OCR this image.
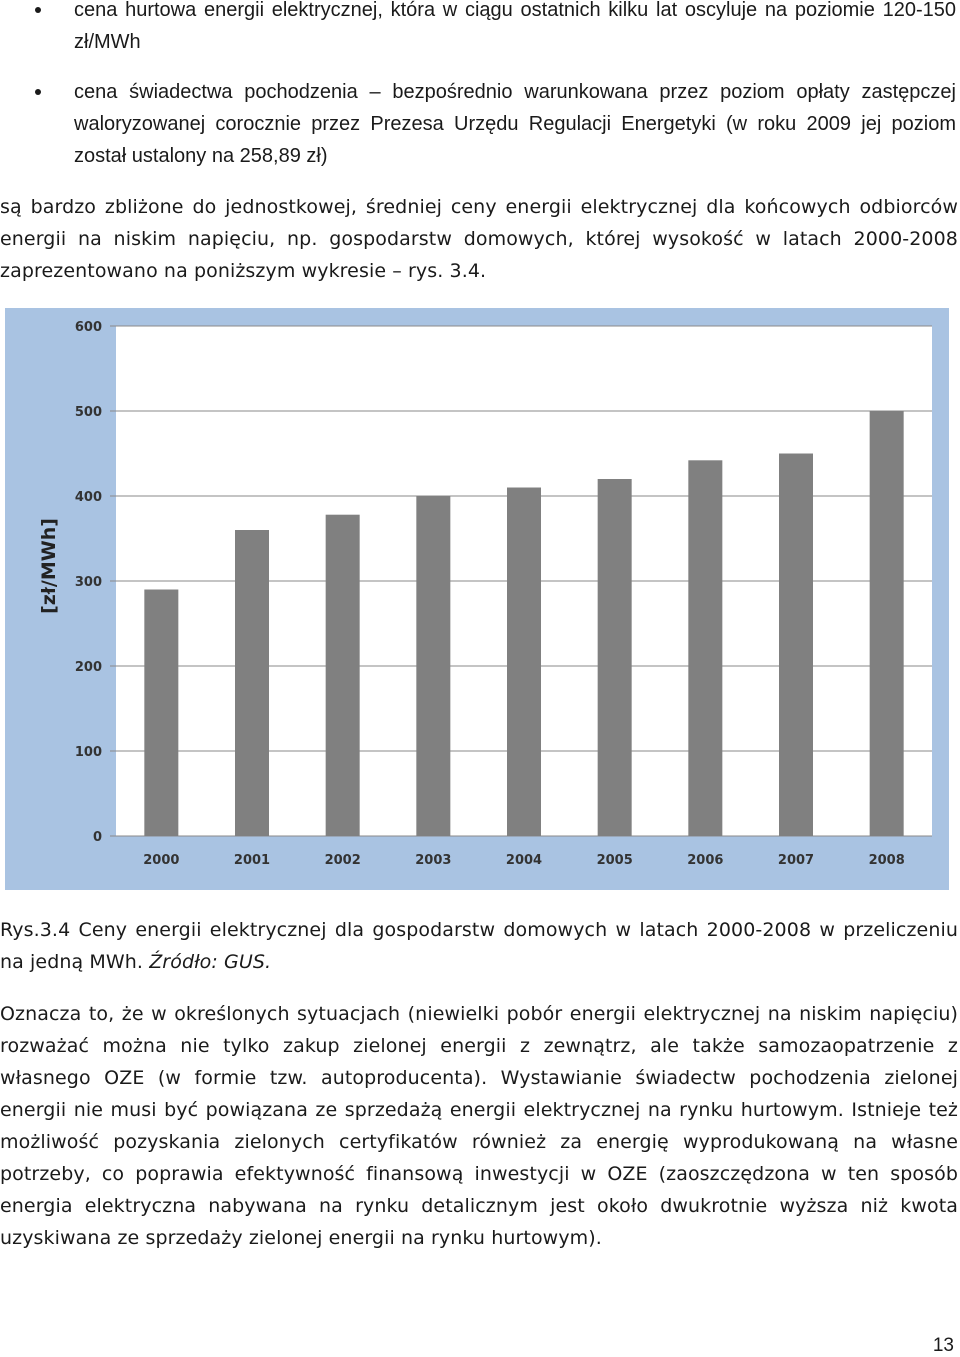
cena hurtowa energii elektrycznej, która w ciągu ostatnich kilku lat oscyluje na poziomie 120-150 zł/MWh
cena świadectwa pochodzenia – bezpośrednio warunkowana przez poziom opłaty zastępczej waloryzowanej corocznie przez Prezesa Urzędu Regulacji Energetyki (w roku 2009 jej poziom został ustalony na 258,89 zł)

są bardzo zbliżone do jednostkowej, średniej ceny energii elektrycznej dla końcowych odbiorców energii na niskim napięciu, np. gospodarstw domowych, której wysokość w latach 2000-2008 zaprezentowano na poniższym wykresie – rys. 3.4.

0
100
200
300
400
500
600
2000	2001	2002	2003	2004	2005	2006	2007	2008
[zł/MWh]

Rys.3.4 Ceny energii elektrycznej dla gospodarstw domowych w latach 2000-2008 w przeliczeniu na jedną MWh. Źródło: GUS.

Oznacza to, że w określonych sytuacjach (niewielki pobór energii elektrycznej na niskim napięciu) rozważać można nie tylko zakup zielonej energii z zewnątrz, ale także samozaopatrzenie z własnego OZE (w formie tzw. autoproducenta). Wystawianie świadectw pochodzenia zielonej energii nie musi być powiązana ze sprzedażą energii elektrycznej na rynku hurtowym. Istnieje też możliwość pozyskania zielonych certyfikatów również za energię wyprodukowaną na własne potrzeby, co poprawia efektywność finansową inwestycji w OZE (zaoszczędzona w ten sposób energia elektryczna nabywana na rynku detalicznym jest około dwukrotnie wyższa niż kwota uzyskiwana ze sprzedaży zielonej energii na rynku hurtowym).

13
